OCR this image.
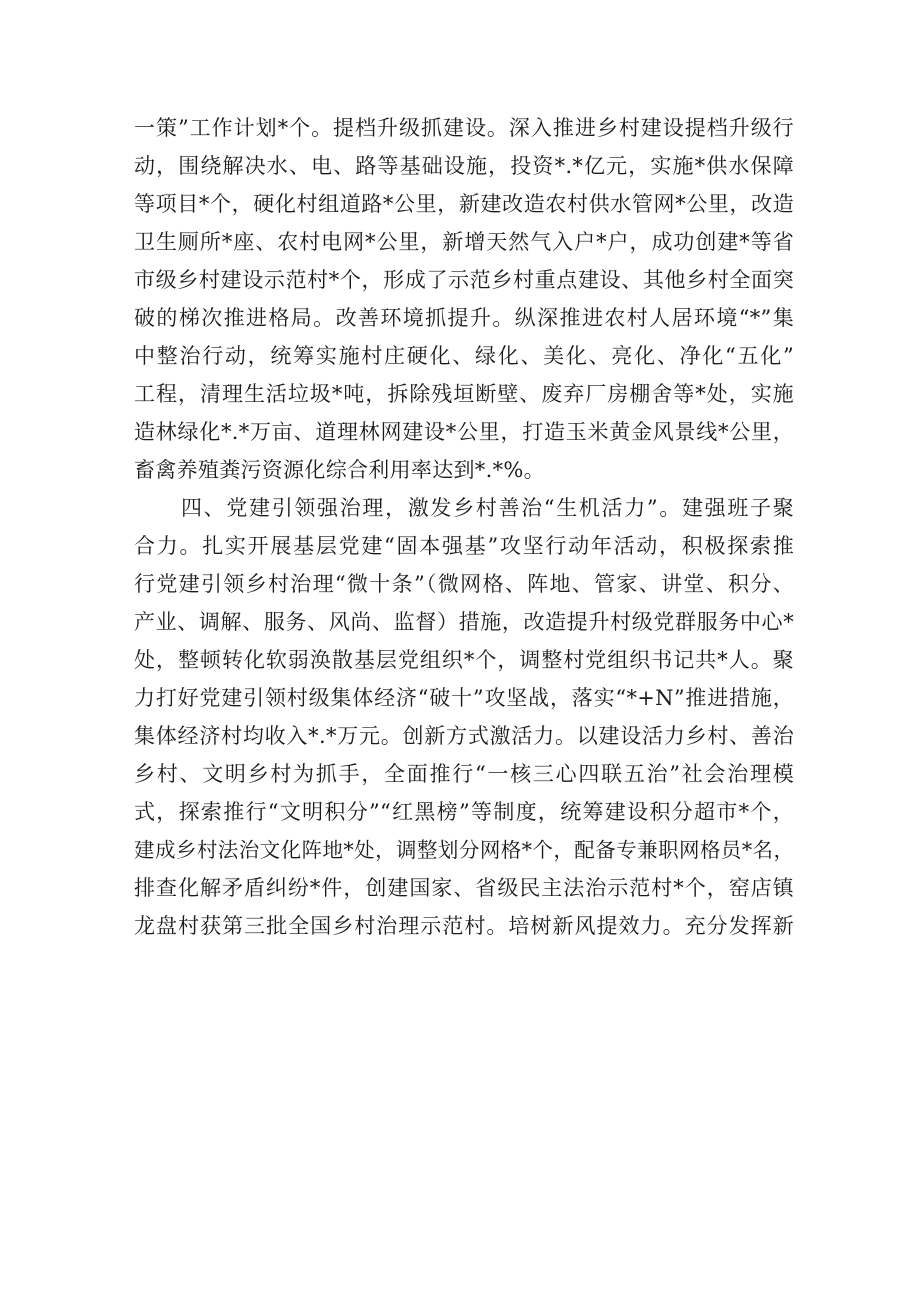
一策”工作计划*个。提档升级抓建设。深入推进乡村建设提档升级行
动，围绕解决水、电、路等基础设施，投资*.*亿元，实施*供水保障
等项目*个，硬化村组道路*公里，新建改造农村供水管网*公里，改造
卫生厕所*座、农村电网*公里，新增天然气入户*户，成功创建*等省
市级乡村建设示范村*个，形成了示范乡村重点建设、其他乡村全面突
破的梯次推进格局。改善环境抓提升。纵深推进农村人居环境“*”集
中整治行动，统筹实施村庄硬化、绿化、美化、亮化、净化“五化”
工程，清理生活垃圾*吨，拆除残垣断壁、废弃厂房棚舍等*处，实施
造林绿化*.*万亩、道理林网建设*公里，打造玉米黄金风景线*公里，
畜禽养殖粪污资源化综合利用率达到*.*%。
四、党建引领强治理，激发乡村善治“生机活力”。建强班子聚
合力。扎实开展基层党建“固本强基”攻坚行动年活动，积极探索推
行党建引领乡村治理“微十条”（微网格、阵地、管家、讲堂、积分、
产业、调解、服务、风尚、监督）措施，改造提升村级党群服务中心*
处，整顿转化软弱涣散基层党组织*个，调整村党组织书记共*人。聚
力打好党建引领村级集体经济“破十”攻坚战，落实“*+N”推进措施，
集体经济村均收入*.*万元。创新方式激活力。以建设活力乡村、善治
乡村、文明乡村为抓手，全面推行“一核三心四联五治”社会治理模
式，探索推行“文明积分”“红黑榜”等制度，统筹建设积分超市*个，
建成乡村法治文化阵地*处，调整划分网格*个，配备专兼职网格员*名，
排查化解矛盾纠纷*件，创建国家、省级民主法治示范村*个，窑店镇
龙盘村获第三批全国乡村治理示范村。培树新风提效力。充分发挥新
